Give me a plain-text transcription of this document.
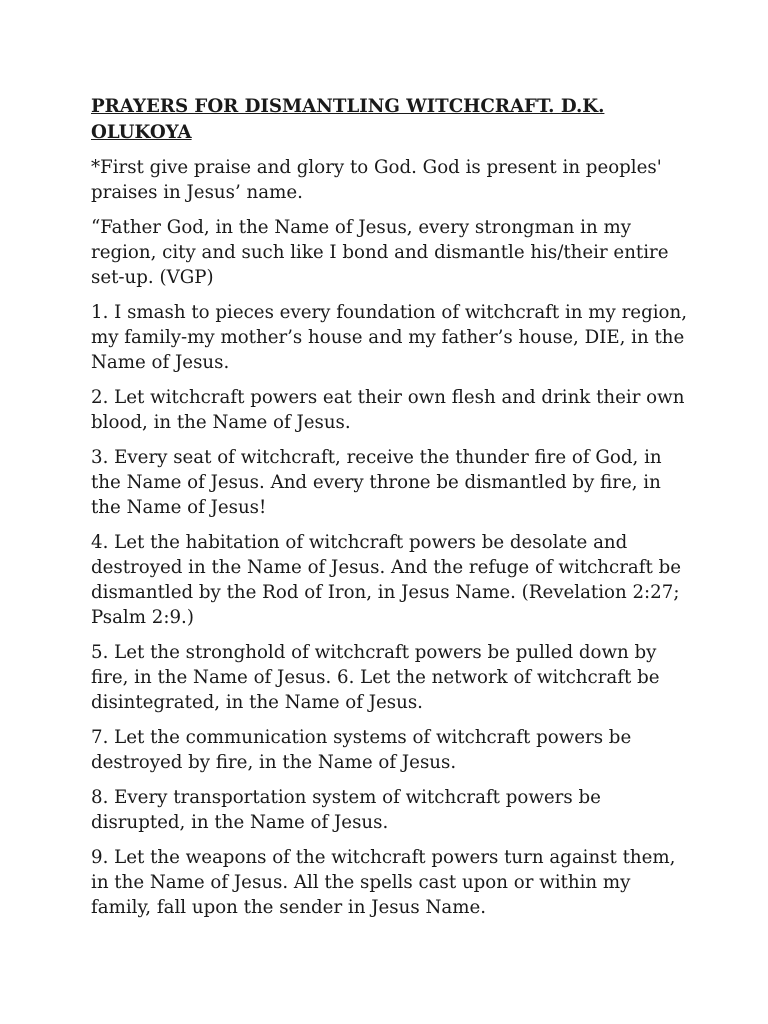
PRAYERS FOR DISMANTLING WITCHCRAFT. D.K. OLUKOYA

*First give praise and glory to God. God is present in peoples' praises in Jesus’ name.

“Father God, in the Name of Jesus, every strongman in my region, city and such like I bond and dismantle his/their entire set-up. (VGP)

1. I smash to pieces every foundation of witchcraft in my region, my family-my mother’s house and my father’s house, DIE, in the Name of Jesus.

2. Let witchcraft powers eat their own flesh and drink their own blood, in the Name of Jesus.

3. Every seat of witchcraft, receive the thunder fire of God, in the Name of Jesus. And every throne be dismantled by fire, in the Name of Jesus!

4. Let the habitation of witchcraft powers be desolate and destroyed in the Name of Jesus. And the refuge of witchcraft be dismantled by the Rod of Iron, in Jesus Name. (Revelation 2:27; Psalm 2:9.)

5. Let the stronghold of witchcraft powers be pulled down by fire, in the Name of Jesus. 6. Let the network of witchcraft be disintegrated, in the Name of Jesus.

7. Let the communication systems of witchcraft powers be destroyed by fire, in the Name of Jesus.

8. Every transportation system of witchcraft powers be disrupted, in the Name of Jesus.

9. Let the weapons of the witchcraft powers turn against them, in the Name of Jesus. All the spells cast upon or within my family, fall upon the sender in Jesus Name.
